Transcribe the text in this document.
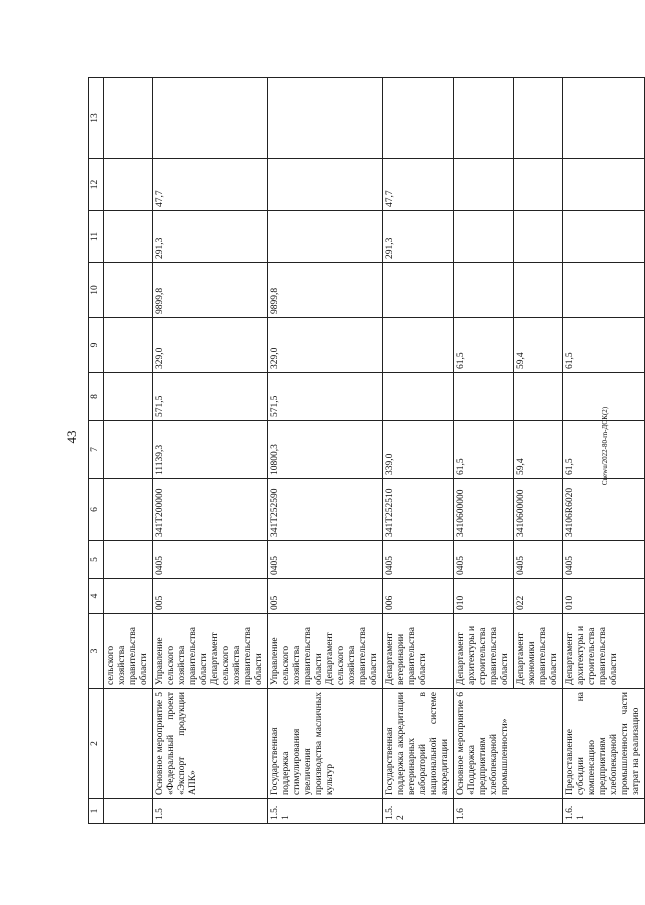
43	Cnewu/2022-80-rn-ДОК(2)
1	2	3	4	5	6	7	8	9	10	11	12	13
		сельского хозяйства правительства области										
1.5	Основное мероприятие 5 «Федеральный проект «Экспорт продукции АПК»	Управление сельского хозяйства правительства области Департамент сельского хозяйства правительства области	005	0405	341Т200000	11139,3	571,5	329,0	9899,8	291,3	47,7	
1.5.1	Государственная поддержка стимулирования увеличения производства масличных культур	Управление сельского хозяйства правительства области Департамент сельского хозяйства правительства области	005	0405	341Т252590	10800,3	571,5	329,0	9899,8			
1.5.2	Государственная поддержка аккредитации ветеринарных лабораторий в национальной системе аккредитации	Департамент ветеринарии правительства области	006	0405	341Т252510	339,0				291,3	47,7	
1.6	Основное мероприятие 6 «Поддержка предприятиям хлебопекарной промышленности»	Департамент архитектуры и строительства правительства области	010	0405	3410600000	61,5		61,5				
		Департамент экономики правительства области	022	0405	3410600000	59,4		59,4				
1.6.1	Предоставление субсидии на компенсацию предприятиям хлебопекарной промышленности части затрат на реализацию	Департамент архитектуры и строительства правительства области	010	0405	34106R6020	61,5		61,5				
